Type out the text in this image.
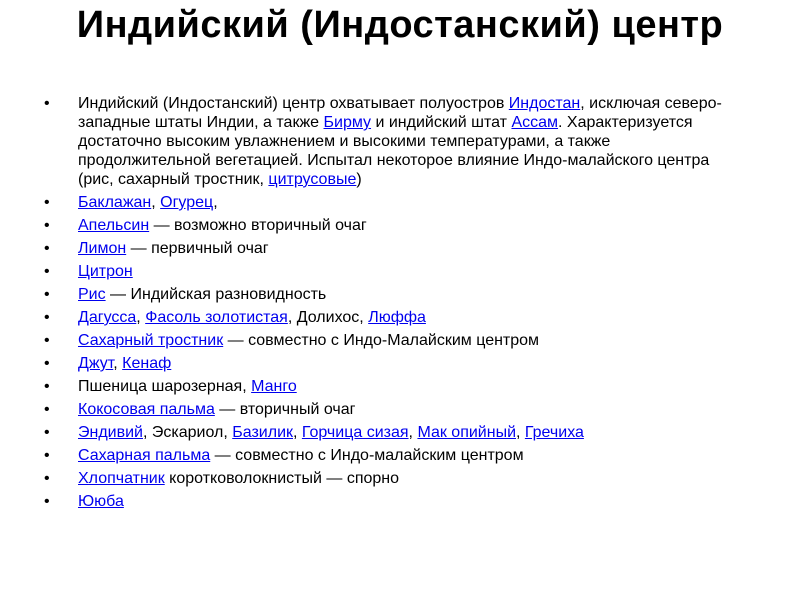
Индийский (Индостанский) центр
• Индийский (Индостанский) центр охватывает полуостров Индостан, исключая северо-западные штаты Индии, а также Бирму и индийский штат Ассам. Характеризуется достаточно высоким увлажнением и высокими температурами, а также продолжительной вегетацией. Испытал некоторое влияние Индо-малайского центра (рис, сахарный тростник, цитрусовые)
• Баклажан, Огурец,
• Апельсин — возможно вторичный очаг
• Лимон — первичный очаг
• Цитрон
• Рис — Индийская разновидность
• Дагусса, Фасоль золотистая, Долихос, Люффа
• Сахарный тростник — совместно с Индо-Малайским центром
• Джут, Кенаф
• Пшеница шарозерная, Манго
• Кокосовая пальма — вторичный очаг
• Эндивий, Эскариол, Базилик, Горчица сизая, Мак опийный, Гречиха
• Сахарная пальма — совместно с Индо-малайским центром
• Хлопчатник коротковолокнистый — спорно
• Ююба
